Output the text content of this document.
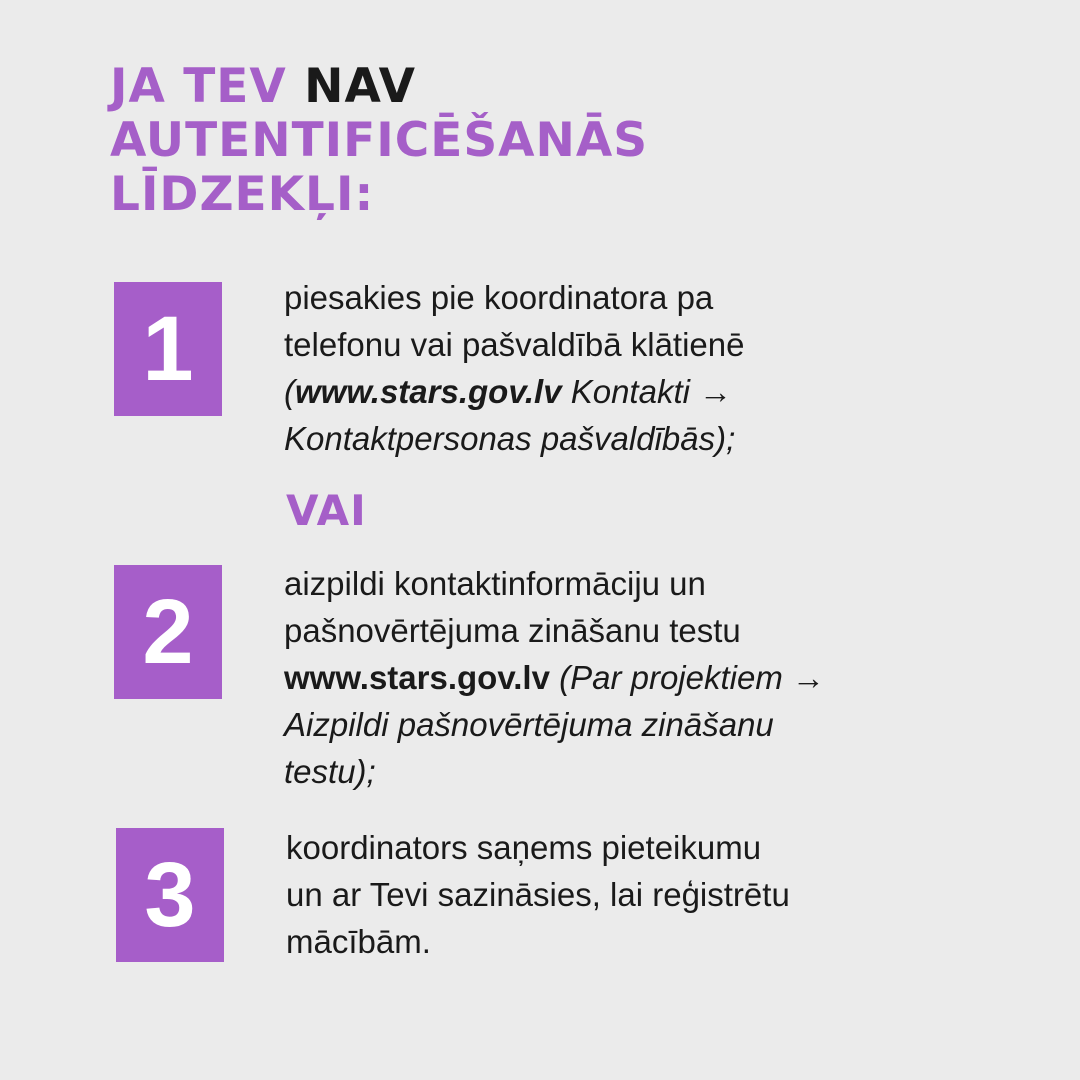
JA TEV NAV
AUTENTIFICĒŠANĀS
LĪDZEKĻI:
1	piesakies pie koordinatora pa
telefonu vai pašvaldībā klātienē
(www.stars.gov.lv Kontakti →
Kontaktpersonas pašvaldībās);
VAI
2	aizpildi kontaktinformāciju un
pašnovērtējuma zināšanu testu
www.stars.gov.lv (Par projektiem →
Aizpildi pašnovērtējuma zināšanu
testu);
3	koordinators saņems pieteikumu
un ar Tevi sazināsies, lai reģistrētu
mācībām.
